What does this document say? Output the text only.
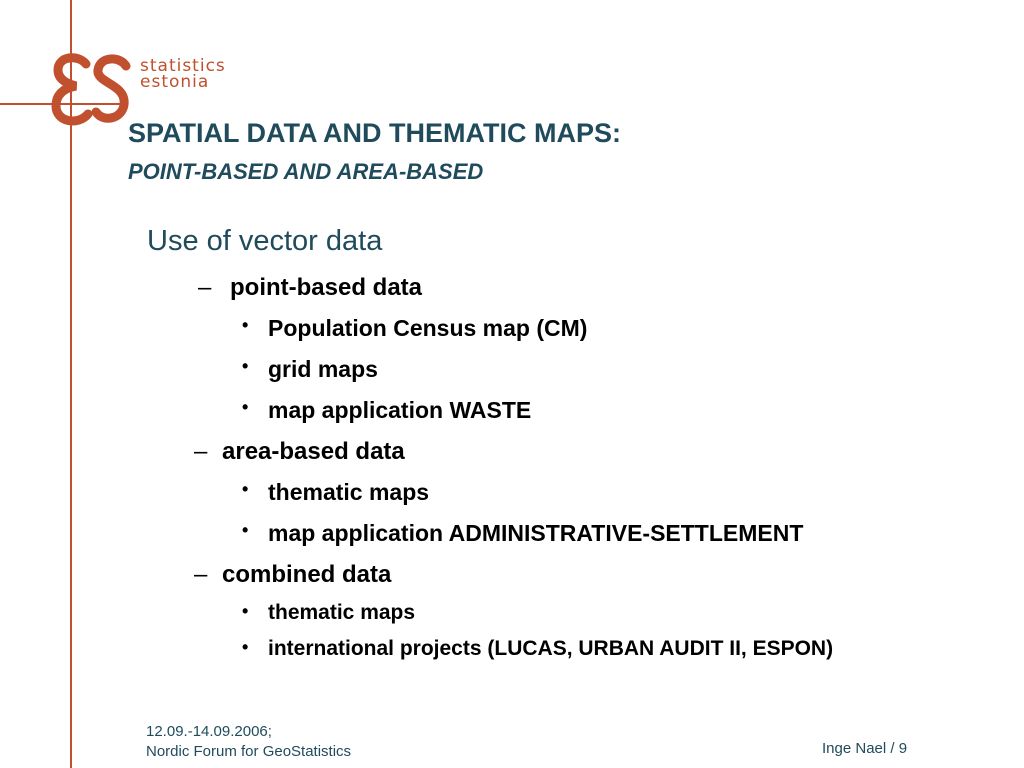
statistics
estonia
SPATIAL DATA AND THEMATIC MAPS:
POINT-BASED AND AREA-BASED
Use of vector data
– point-based data
• Population Census map (CM)
• grid maps
• map application WASTE
– area-based data
• thematic maps
• map application ADMINISTRATIVE-SETTLEMENT
– combined data
• thematic maps
• international projects (LUCAS, URBAN AUDIT II, ESPON)
12.09.-14.09.2006;
Nordic Forum for GeoStatistics	Inge Nael / 9
